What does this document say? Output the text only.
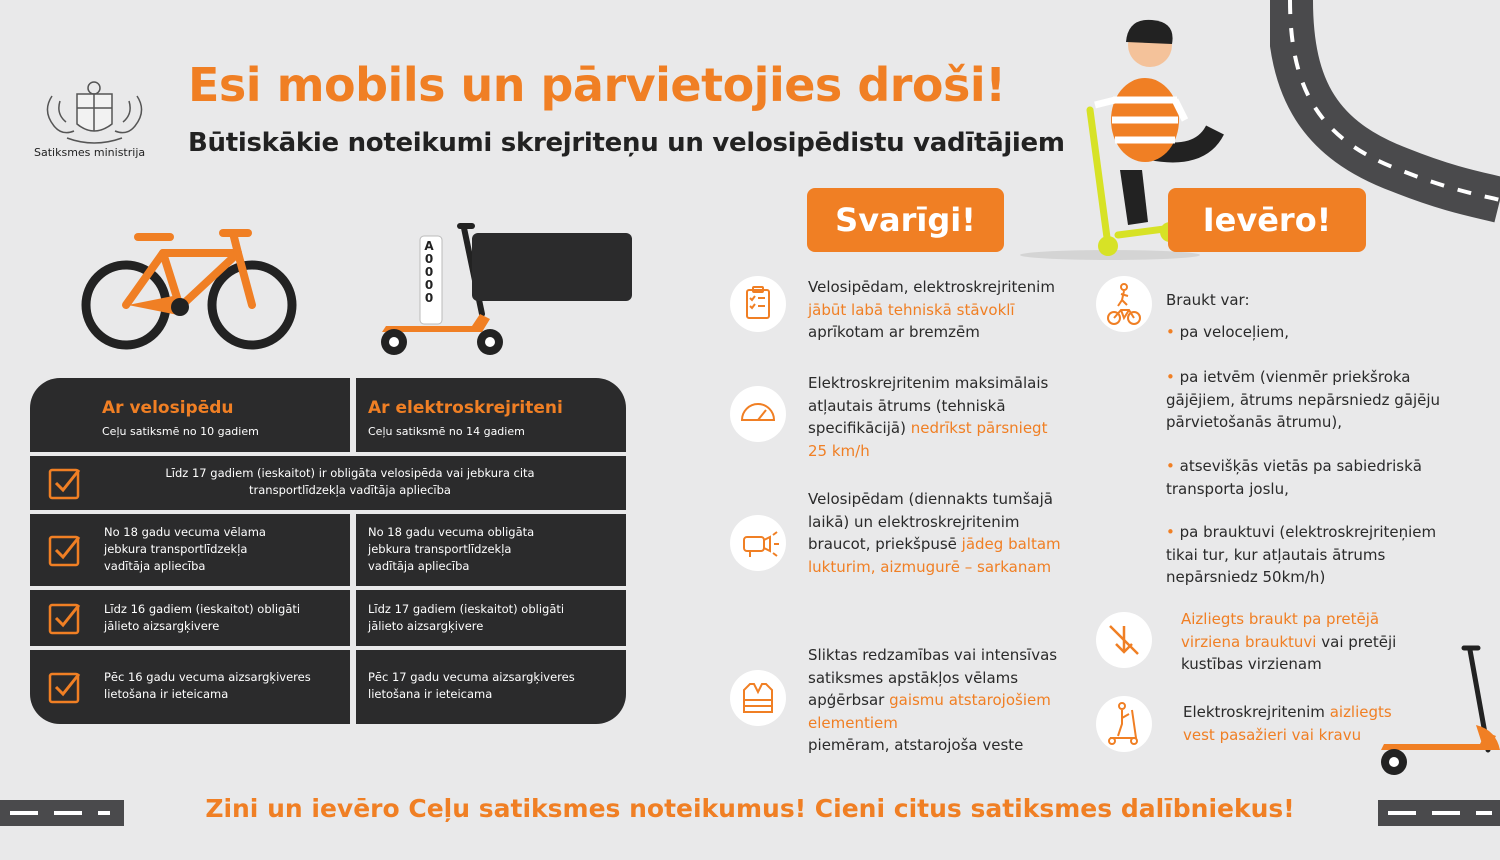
Satiksmes ministrija
Esi mobils un pārvietojies droši!
Būtiskākie noteikumi skrejriteņu un velosipēdistu vadītājiem
A0000
Ar velosipēdu
Ceļu satiksmē no 10 gadiem
Ar elektroskrejriteni
Ceļu satiksmē no 14 gadiem
Līdz 17 gadiem (ieskaitot) ir obligāta velosipēda vai jebkura cita transportlīdzekļa vadītāja apliecība
No 18 gadu vecuma vēlama jebkura transportlīdzekļa vadītāja apliecība
No 18 gadu vecuma obligāta jebkura transportlīdzekļa vadītāja apliecība
Līdz 16 gadiem (ieskaitot) obligāti jālieto aizsargķivere
Līdz 17 gadiem (ieskaitot) obligāti jālieto aizsargķivere
Pēc 16 gadu vecuma aizsargķiveres lietošana ir ieteicama
Pēc 17 gadu vecuma aizsargķiveres lietošana ir ieteicama
Svarīgi!	Ievēro!
Velosipēdam, elektroskrejritenim
jābūt labā tehniskā stāvoklī
aprīkotam ar bremzēm
Elektroskrejritenim maksimālais atļautais ātrums (tehniskā specifikācijā) nedrīkst pārsniegt 25 km/h
Velosipēdam (diennakts tumšajā laikā) un elektroskrejritenim braucot, priekšpusē jādeg baltam lukturim, aizmugurē – sarkanam
Sliktas redzamības vai intensīvas satiksmes apstākļos vēlams apģērbsar gaismu atstarojošiem elementiem
piemēram, atstarojoša veste
Braukt var:
• pa veloceļiem,
• pa ietvēm (vienmēr priekšroka gājējiem, ātrums nepārsniedz gājēju pārvietošanās ātrumu),
• atsevišķās vietās pa sabiedriskā transporta joslu,
• pa brauktuvi (elektroskrejriteņiem tikai tur, kur atļautais ātrums nepārsniedz 50km/h)
Aizliegts braukt pa pretējā virziena brauktuvi vai pretēji kustības virzienam
Elektroskrejritenim aizliegts vest pasažieri vai kravu
Zini un ievēro Ceļu satiksmes noteikumus! Cieni citus satiksmes dalībniekus!
